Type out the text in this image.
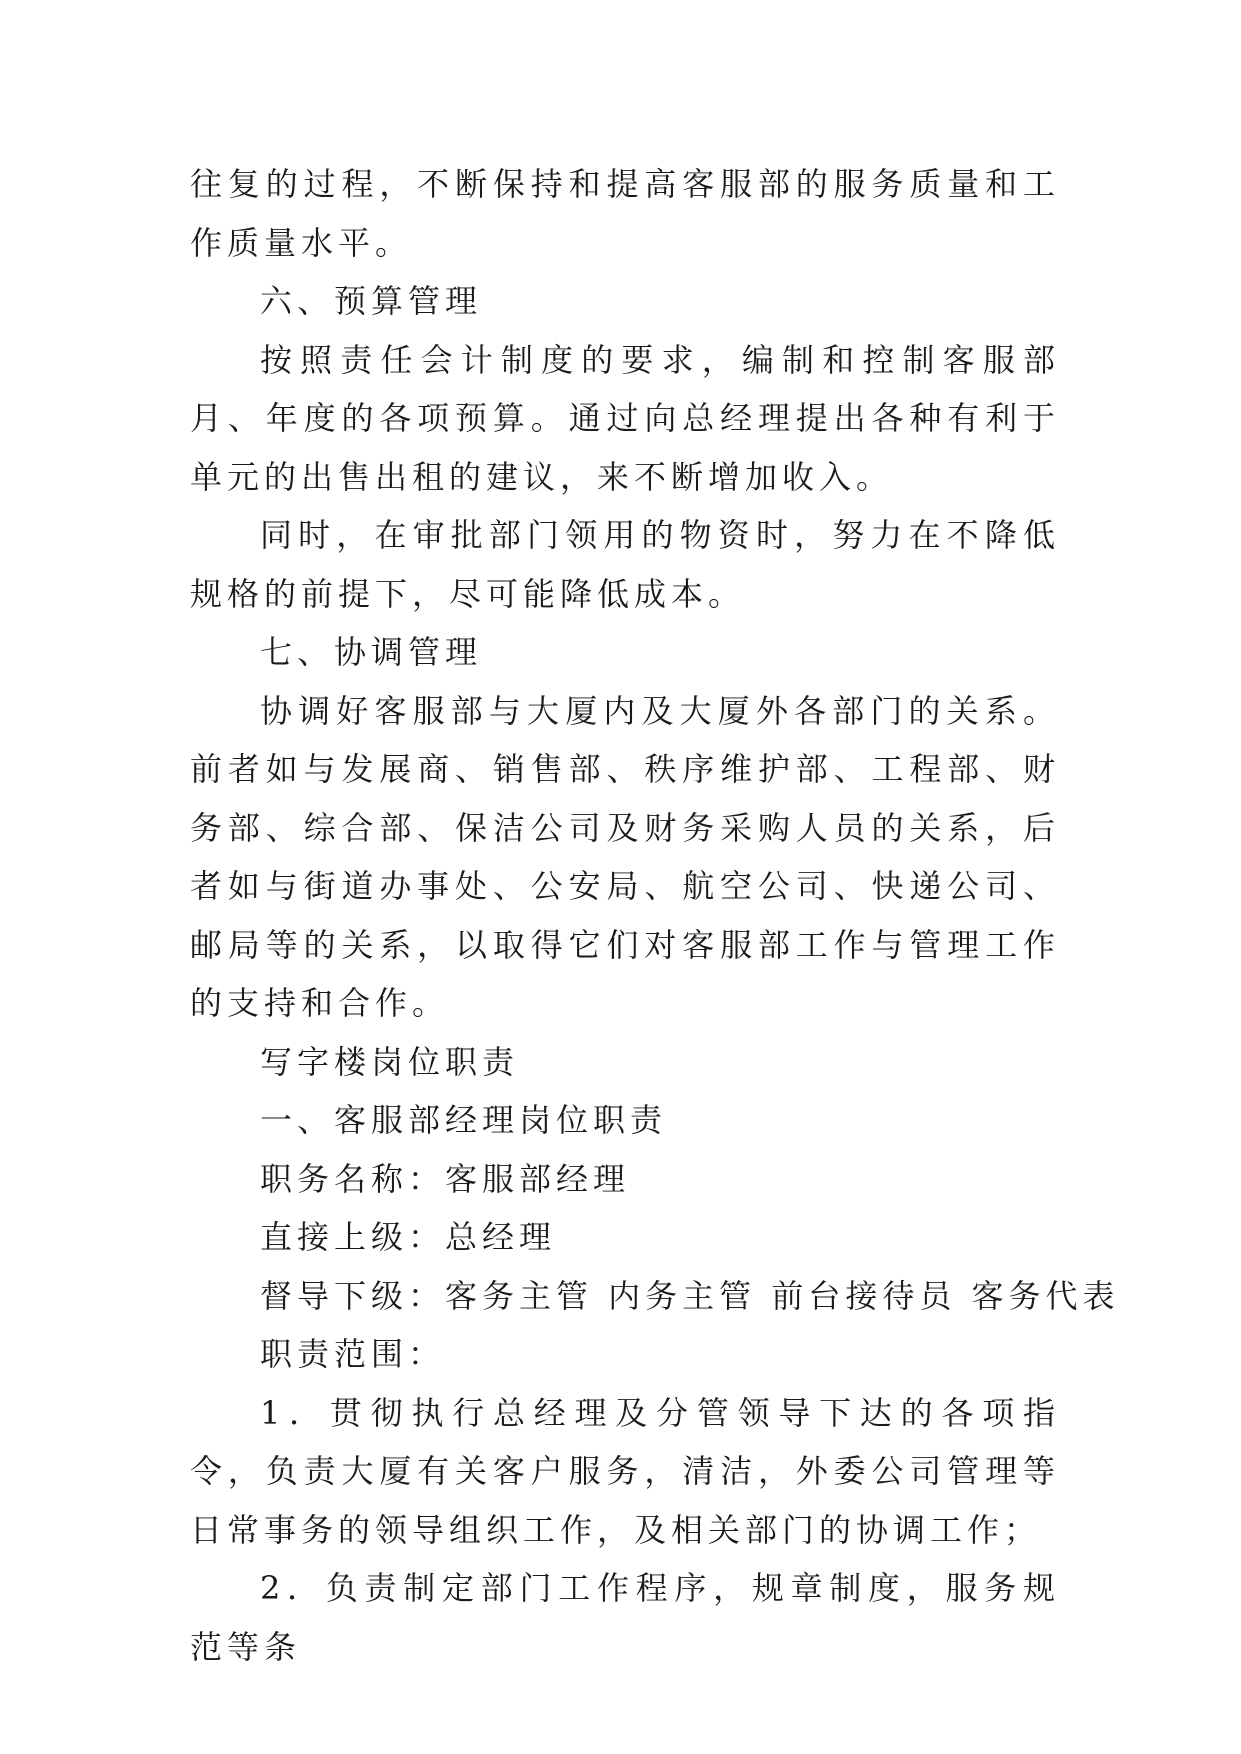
往复的过程，不断保持和提高客服部的服务质量和工作质量水平。

六、预算管理

按照责任会计制度的要求，编制和控制客服部月、年度的各项预算。通过向总经理提出各种有利于单元的出售出租的建议，来不断增加收入。

同时，在审批部门领用的物资时，努力在不降低规格的前提下，尽可能降低成本。

七、协调管理

协调好客服部与大厦内及大厦外各部门的关系。前者如与发展商、销售部、秩序维护部、工程部、财务部、综合部、保洁公司及财务采购人员的关系，后者如与街道办事处、公安局、航空公司、快递公司、邮局等的关系，以取得它们对客服部工作与管理工作的支持和合作。

写字楼岗位职责

一、客服部经理岗位职责

职务名称：客服部经理

直接上级：总经理

督导下级：客务主管 内务主管 前台接待员 客务代表

职责范围：

1．贯彻执行总经理及分管领导下达的各项指令，负责大厦有关客户服务，清洁，外委公司管理等日常事务的领导组织工作，及相关部门的协调工作；

2．负责制定部门工作程序，规章制度，服务规范等条
